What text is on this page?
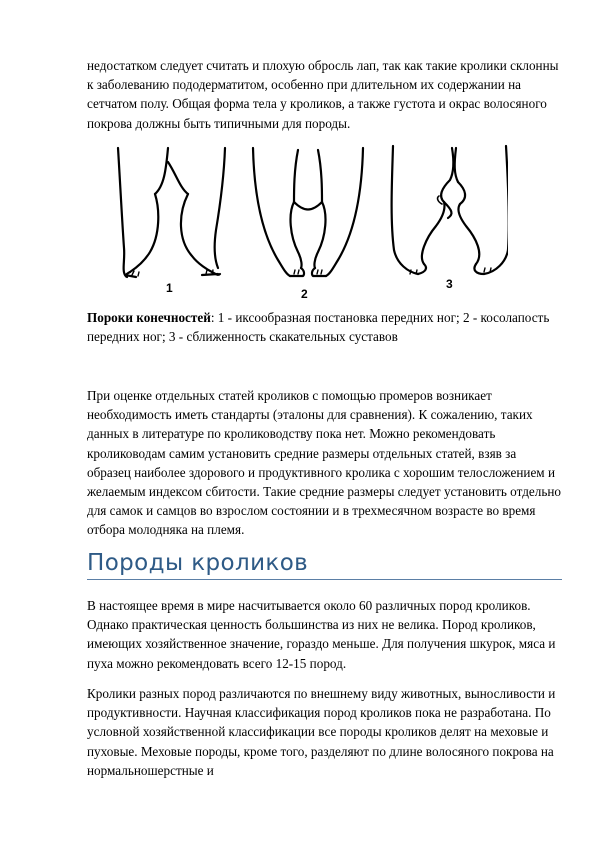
недостатком следует считать и плохую обросль лап, так как такие кролики склонны к заболеванию пододерматитом, особенно при длительном их содержании на сетчатом полу. Общая форма тела у кроликов, а также густота и окрас волосяного покрова должны быть типичными для породы.

1	2
3

Пороки конечностей: 1 - иксообразная постановка передних ног; 2 - косолапость передних ног; 3 - сближенность скакательных суставов

При оценке отдельных статей кроликов с помощью промеров возникает необходимость иметь стандарты (эталоны для сравнения). К сожалению, таких данных в литературе по кролиководству пока нет. Можно рекомендовать кролиководам самим установить средние размеры отдельных статей, взяв за образец наиболее здорового и продуктивного кролика с хорошим телосложением и желаемым индексом сбитости. Такие средние размеры следует установить отдельно для самок и самцов во взрослом состоянии и в трехмесячном возрасте во время отбора молодняка на племя.

Породы кроликов

В настоящее время в мире насчитывается около 60 различных пород кроликов. Однако практическая ценность большинства из них не велика. Пород кроликов, имеющих хозяйственное значение, гораздо меньше. Для получения шкурок, мяса и пуха можно рекомендовать всего 12-15 пород.

Кролики разных пород различаются по внешнему виду животных, выносливости и продуктивности. Научная классификация пород кроликов пока не разработана. По условной хозяйственной классификации все породы кроликов делят на меховые и пуховые. Меховые породы, кроме того, разделяют по длине волосяного покрова на нормальношерстные и
